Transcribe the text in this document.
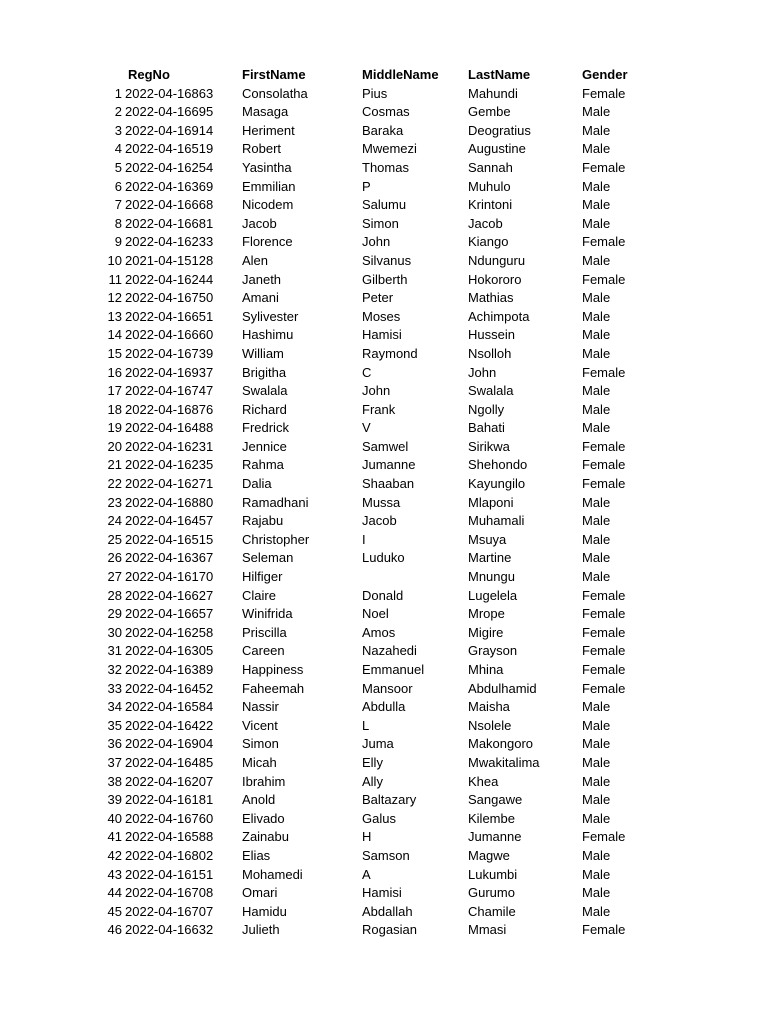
	RegNo	FirstName	MiddleName	LastName	Gender
1	2022-04-16863	Consolatha	Pius	Mahundi	Female
2	2022-04-16695	Masaga	Cosmas	Gembe	Male
3	2022-04-16914	Heriment	Baraka	Deogratius	Male
4	2022-04-16519	Robert	Mwemezi	Augustine	Male
5	2022-04-16254	Yasintha	Thomas	Sannah	Female
6	2022-04-16369	Emmilian	P	Muhulo	Male
7	2022-04-16668	Nicodem	Salumu	Krintoni	Male
8	2022-04-16681	Jacob	Simon	Jacob	Male
9	2022-04-16233	Florence	John	Kiango	Female
10	2021-04-15128	Alen	Silvanus	Ndunguru	Male
11	2022-04-16244	Janeth	Gilberth	Hokororo	Female
12	2022-04-16750	Amani	Peter	Mathias	Male
13	2022-04-16651	Sylivester	Moses	Achimpota	Male
14	2022-04-16660	Hashimu	Hamisi	Hussein	Male
15	2022-04-16739	William	Raymond	Nsolloh	Male
16	2022-04-16937	Brigitha	C	John	Female
17	2022-04-16747	Swalala	John	Swalala	Male
18	2022-04-16876	Richard	Frank	Ngolly	Male
19	2022-04-16488	Fredrick	V	Bahati	Male
20	2022-04-16231	Jennice	Samwel	Sirikwa	Female
21	2022-04-16235	Rahma	Jumanne	Shehondo	Female
22	2022-04-16271	Dalia	Shaaban	Kayungilo	Female
23	2022-04-16880	Ramadhani	Mussa	Mlaponi	Male
24	2022-04-16457	Rajabu	Jacob	Muhamali	Male
25	2022-04-16515	Christopher	I	Msuya	Male
26	2022-04-16367	Seleman	Luduko	Martine	Male
27	2022-04-16170	Hilfiger		Mnungu	Male
28	2022-04-16627	Claire	Donald	Lugelela	Female
29	2022-04-16657	Winifrida	Noel	Mrope	Female
30	2022-04-16258	Priscilla	Amos	Migire	Female
31	2022-04-16305	Careen	Nazahedi	Grayson	Female
32	2022-04-16389	Happiness	Emmanuel	Mhina	Female
33	2022-04-16452	Faheemah	Mansoor	Abdulhamid	Female
34	2022-04-16584	Nassir	Abdulla	Maisha	Male
35	2022-04-16422	Vicent	L	Nsolele	Male
36	2022-04-16904	Simon	Juma	Makongoro	Male
37	2022-04-16485	Micah	Elly	Mwakitalima	Male
38	2022-04-16207	Ibrahim	Ally	Khea	Male
39	2022-04-16181	Anold	Baltazary	Sangawe	Male
40	2022-04-16760	Elivado	Galus	Kilembe	Male
41	2022-04-16588	Zainabu	H	Jumanne	Female
42	2022-04-16802	Elias	Samson	Magwe	Male
43	2022-04-16151	Mohamedi	A	Lukumbi	Male
44	2022-04-16708	Omari	Hamisi	Gurumo	Male
45	2022-04-16707	Hamidu	Abdallah	Chamile	Male
46	2022-04-16632	Julieth	Rogasian	Mmasi	Female
